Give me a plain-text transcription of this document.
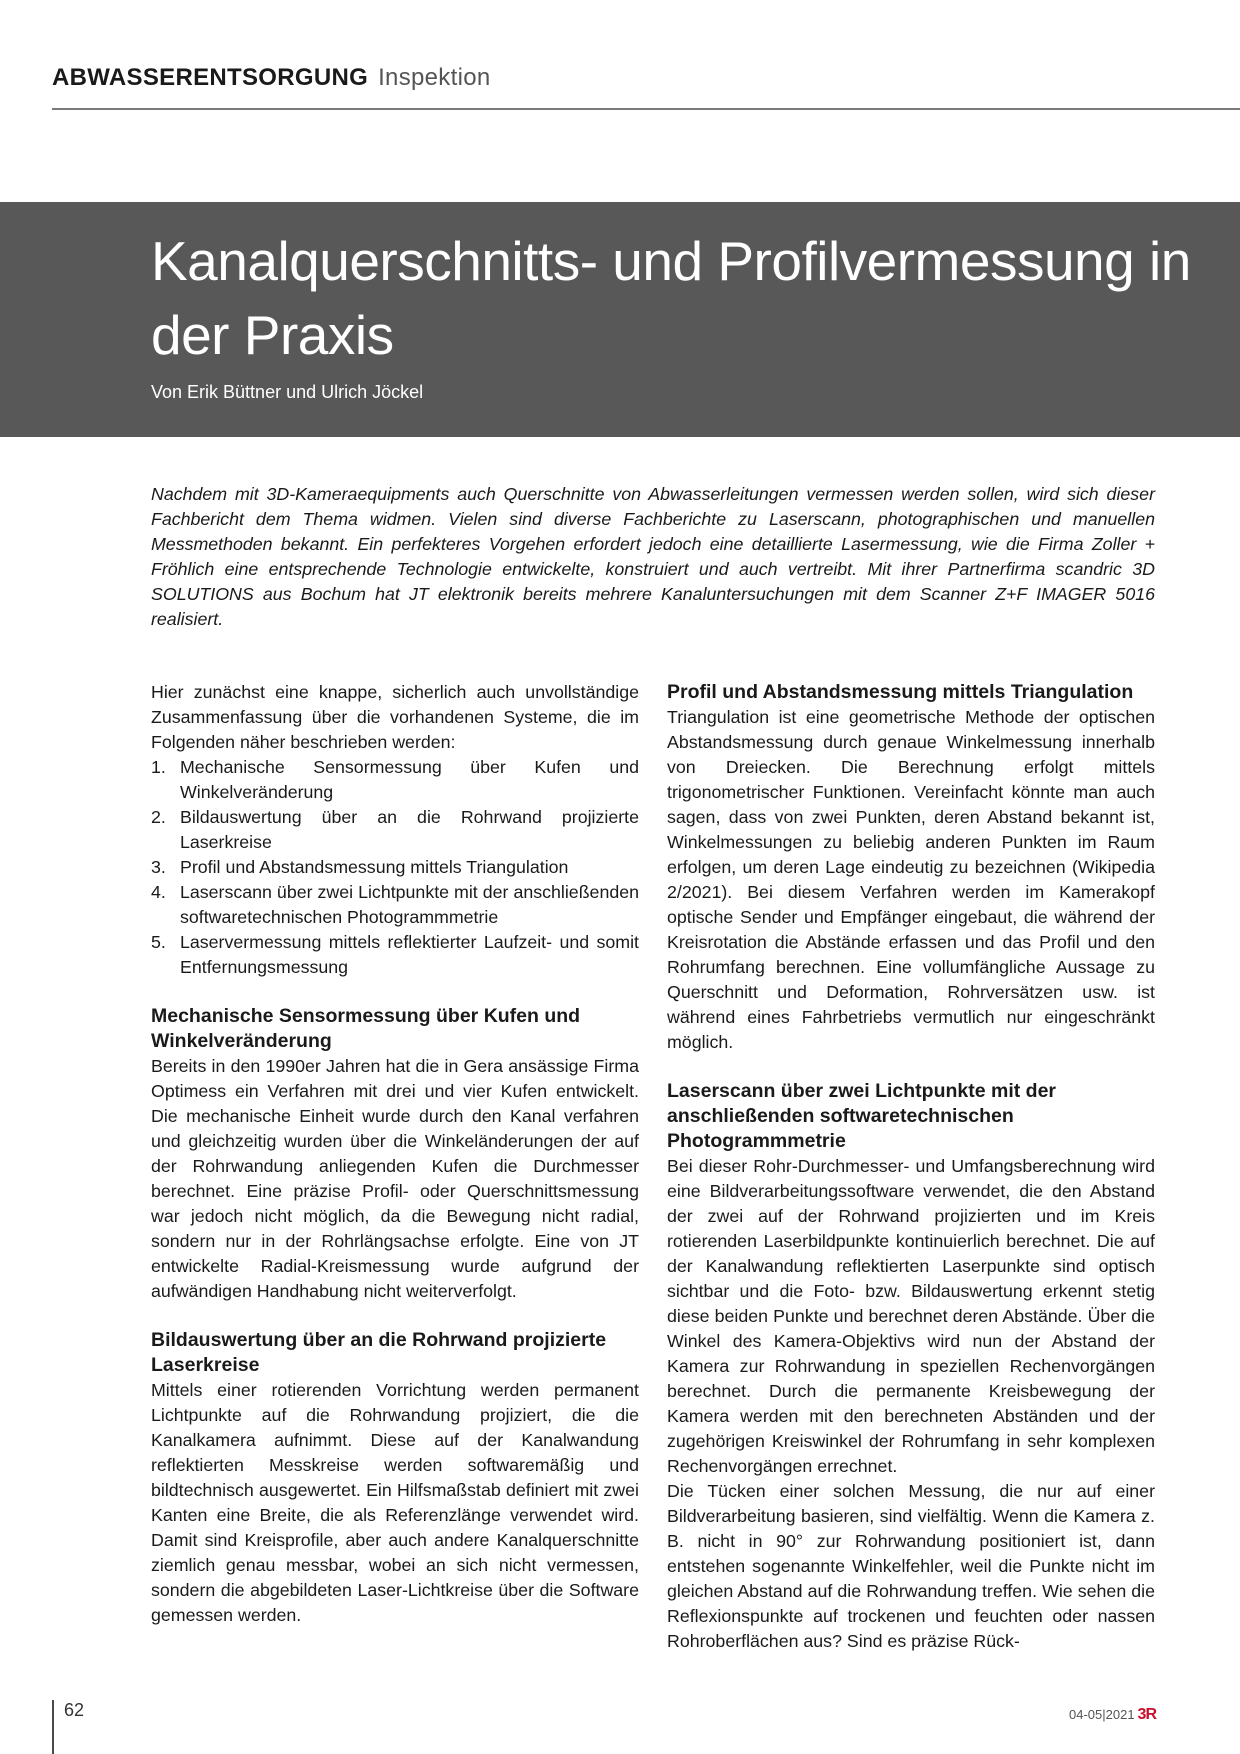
ABWASSERENTSORGUNG Inspektion
Kanalquerschnitts- und Profilvermessung in der Praxis
Von Erik Büttner und Ulrich Jöckel

Nachdem mit 3D-Kameraequipments auch Querschnitte von Abwasserleitungen vermessen werden sollen, wird sich dieser Fachbericht dem Thema widmen. Vielen sind diverse Fachberichte zu Laserscann, photographischen und manuellen Messmethoden bekannt. Ein perfekteres Vorgehen erfordert jedoch eine detaillierte Lasermessung, wie die Firma Zoller + Fröhlich eine entsprechende Technologie entwickelte, konstruiert und auch vertreibt. Mit ihrer Partnerfirma scandric 3D SOLUTIONS aus Bochum hat JT elektronik bereits mehrere Kanaluntersuchungen mit dem Scanner Z+F IMAGER 5016 realisiert.

Hier zunächst eine knappe, sicherlich auch unvollständige Zusammenfassung über die vorhandenen Systeme, die im Folgenden näher beschrieben werden:

1. Mechanische Sensormessung über Kufen und Winkelveränderung
2. Bildauswertung über an die Rohrwand projizierte Laserkreise
3. Profil und Abstandsmessung mittels Triangulation
4. Laserscann über zwei Lichtpunkte mit der anschließenden softwaretechnischen Photogrammmetrie
5. Laservermessung mittels reflektierter Laufzeit- und somit Entfernungsmessung
Mechanische Sensormessung über Kufen und Winkelveränderung

Bereits in den 1990er Jahren hat die in Gera ansässige Firma Optimess ein Verfahren mit drei und vier Kufen entwickelt. Die mechanische Einheit wurde durch den Kanal verfahren und gleichzeitig wurden über die Winkeländerungen der auf der Rohrwandung anliegenden Kufen die Durchmesser berechnet. Eine präzise Profil- oder Querschnittsmessung war jedoch nicht möglich, da die Bewegung nicht radial, sondern nur in der Rohrlängsachse erfolgte. Eine von JT entwickelte Radial-Kreismessung wurde aufgrund der aufwändigen Handhabung nicht weiterverfolgt.

Bildauswertung über an die Rohrwand projizierte Laserkreise

Mittels einer rotierenden Vorrichtung werden permanent Lichtpunkte auf die Rohrwandung projiziert, die die Kanalkamera aufnimmt. Diese auf der Kanalwandung reflektierten Messkreise werden softwaremäßig und bildtechnisch ausgewertet. Ein Hilfsmaßstab definiert mit zwei Kanten eine Breite, die als Referenzlänge verwendet wird. Damit sind Kreisprofile, aber auch andere Kanalquerschnitte ziemlich genau messbar, wobei an sich nicht vermessen, sondern die abgebildeten Laser-Lichtkreise über die Software gemessen werden.

Profil und Abstandsmessung mittels Triangulation

Triangulation ist eine geometrische Methode der optischen Abstandsmessung durch genaue Winkelmessung innerhalb von Dreiecken. Die Berechnung erfolgt mittels trigonometrischer Funktionen. Vereinfacht könnte man auch sagen, dass von zwei Punkten, deren Abstand bekannt ist, Winkelmessungen zu beliebig anderen Punkten im Raum erfolgen, um deren Lage eindeutig zu bezeichnen (Wikipedia 2/2021). Bei diesem Verfahren werden im Kamerakopf optische Sender und Empfänger eingebaut, die während der Kreisrotation die Abstände erfassen und das Profil und den Rohrumfang berechnen. Eine vollumfängliche Aussage zu Querschnitt und Deformation, Rohrversätzen usw. ist während eines Fahrbetriebs vermutlich nur eingeschränkt möglich.

Laserscann über zwei Lichtpunkte mit der anschließenden softwaretechnischen Photogrammmetrie

Bei dieser Rohr-Durchmesser- und Umfangsberechnung wird eine Bildverarbeitungssoftware verwendet, die den Abstand der zwei auf der Rohrwand projizierten und im Kreis rotierenden Laserbildpunkte kontinuierlich berechnet. Die auf der Kanalwandung reflektierten Laserpunkte sind optisch sichtbar und die Foto- bzw. Bildauswertung erkennt stetig diese beiden Punkte und berechnet deren Abstände. Über die Winkel des Kamera-Objektivs wird nun der Abstand der Kamera zur Rohrwandung in speziellen Rechenvorgängen berechnet. Durch die permanente Kreisbewegung der Kamera werden mit den berechneten Abständen und der zugehörigen Kreiswinkel der Rohrumfang in sehr komplexen Rechenvorgängen errechnet.

Die Tücken einer solchen Messung, die nur auf einer Bildverarbeitung basieren, sind vielfältig. Wenn die Kamera z. B. nicht in 90° zur Rohrwandung positioniert ist, dann entstehen sogenannte Winkelfehler, weil die Punkte nicht im gleichen Abstand auf die Rohrwandung treffen. Wie sehen die Reflexionspunkte auf trockenen und feuchten oder nassen Rohroberflächen aus? Sind es präzise Rück-

62	04-05|2021 3R
